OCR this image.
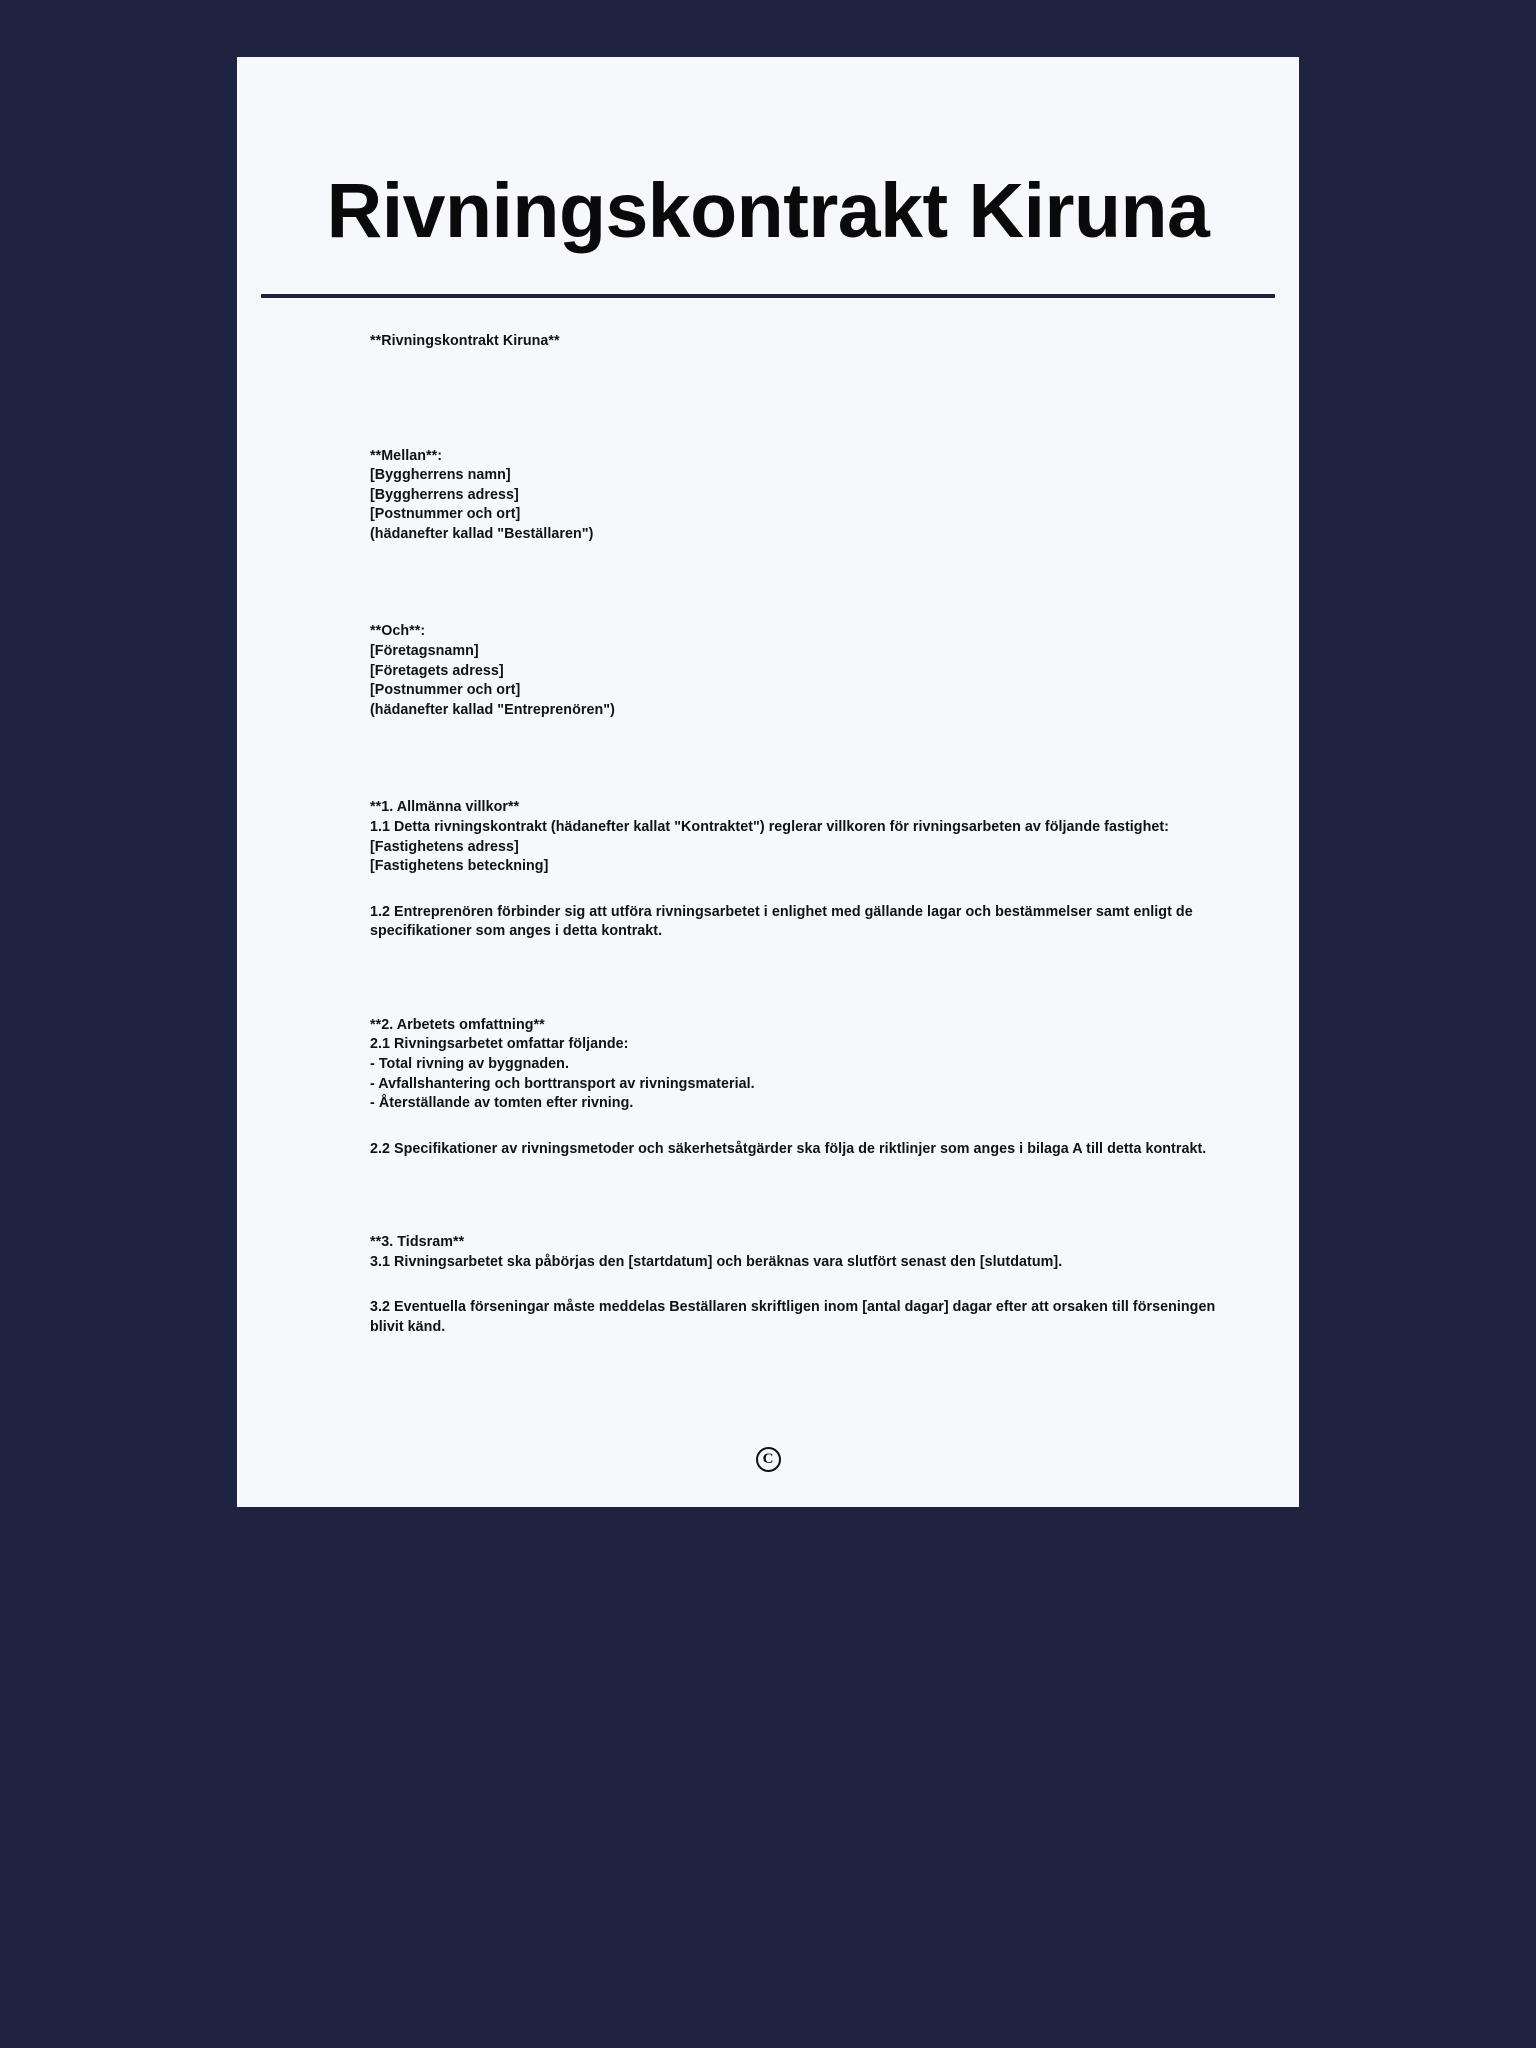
Rivningskontrakt Kiruna

**Rivningskontrakt Kiruna**

**Mellan**:

[Byggherrens namn]

[Byggherrens adress]

[Postnummer och ort]

(hädanefter kallad "Beställaren")

**Och**:

[Företagsnamn]

[Företagets adress]

[Postnummer och ort]

(hädanefter kallad "Entreprenören")

**1. Allmänna villkor**

1.1 Detta rivningskontrakt (hädanefter kallat "Kontraktet") reglerar villkoren för rivningsarbeten av följande fastighet:

[Fastighetens adress]

[Fastighetens beteckning]

1.2 Entreprenören förbinder sig att utföra rivningsarbetet i enlighet med gällande lagar och bestämmelser samt enligt de specifikationer som anges i detta kontrakt.

**2. Arbetets omfattning**

2.1 Rivningsarbetet omfattar följande:

- Total rivning av byggnaden.

- Avfallshantering och borttransport av rivningsmaterial.

- Återställande av tomten efter rivning.

2.2 Specifikationer av rivningsmetoder och säkerhetsåtgärder ska följa de riktlinjer som anges i bilaga A till detta kontrakt.

**3. Tidsram**

3.1 Rivningsarbetet ska påbörjas den [startdatum] och beräknas vara slutfört senast den [slutdatum].

3.2 Eventuella förseningar måste meddelas Beställaren skriftligen inom [antal dagar] dagar efter att orsaken till förseningen blivit känd.

C
